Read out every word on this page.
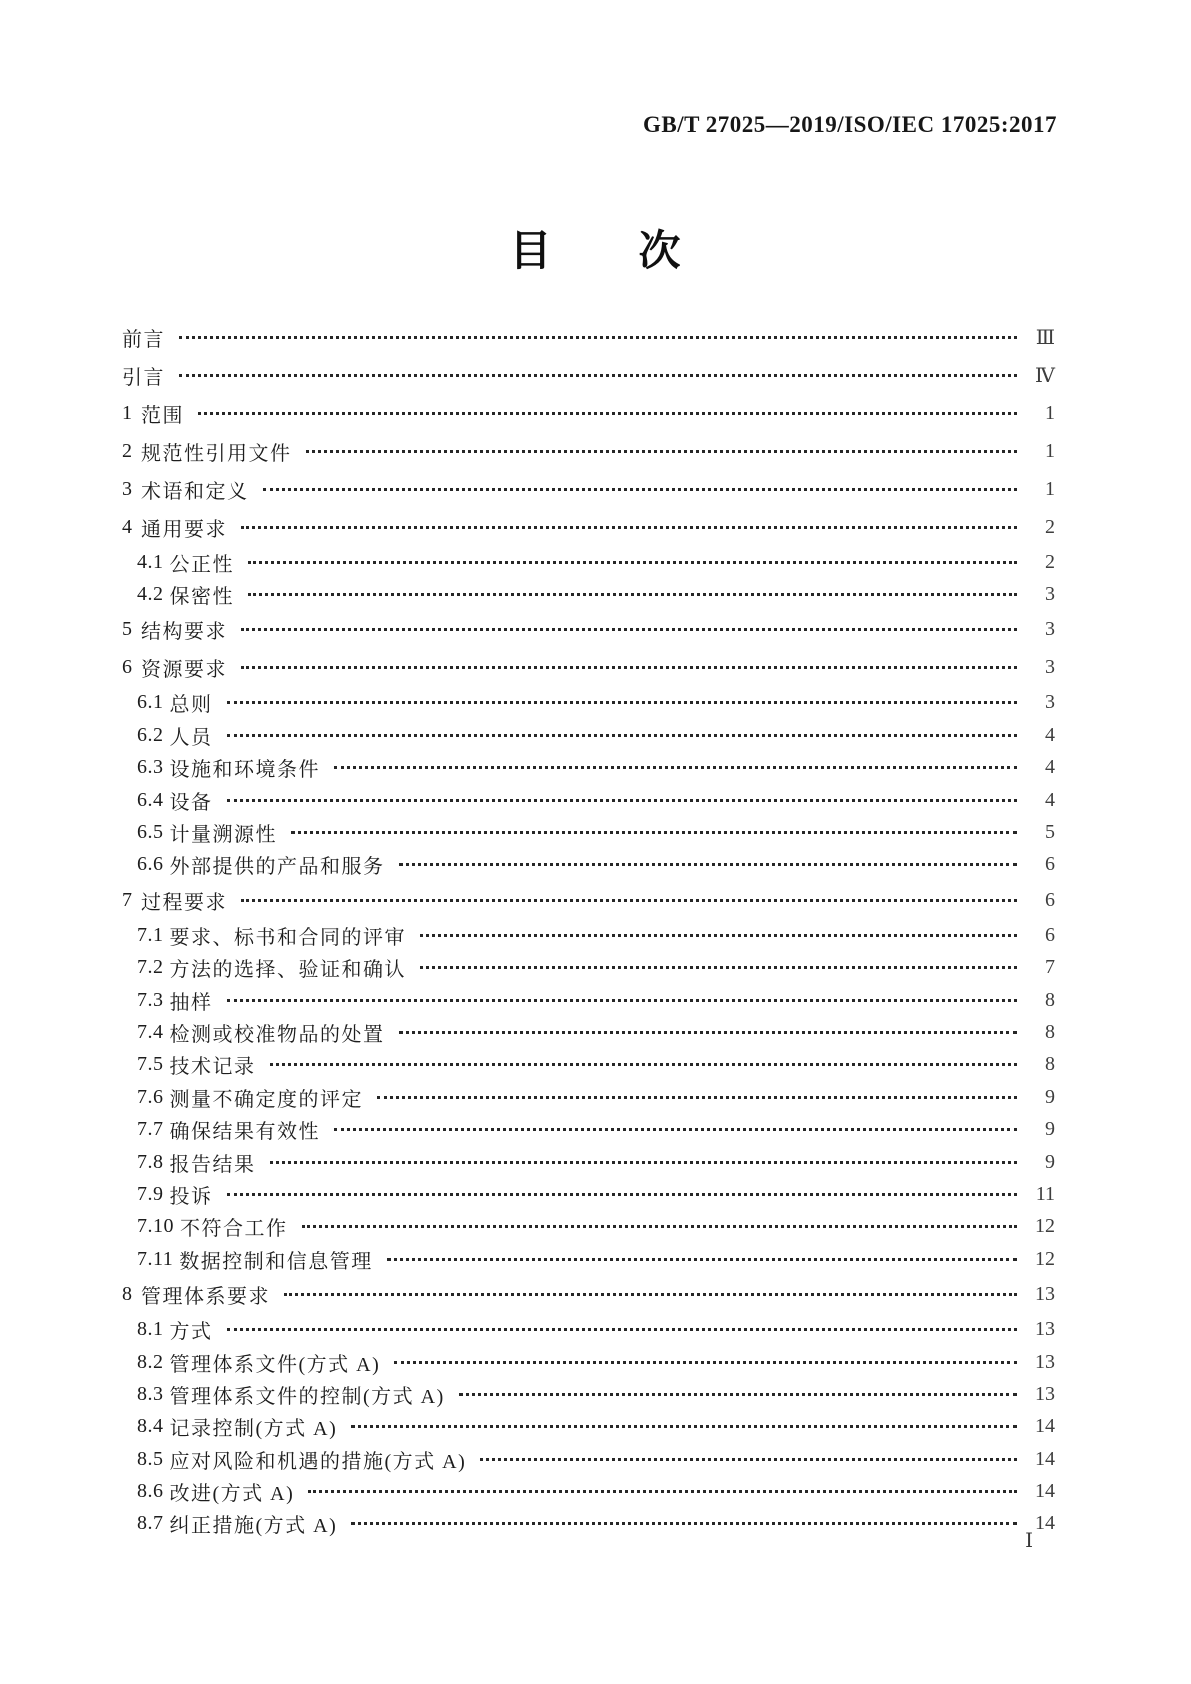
GB/T 27025—2019/ISO/IEC 17025:2017
目　　次
前言	Ⅲ
引言	Ⅳ
1 范围	1
2 规范性引用文件	1
3 术语和定义	1
4 通用要求	2
4.1 公正性	2
4.2 保密性	3
5 结构要求	3
6 资源要求	3
6.1 总则	3
6.2 人员	4
6.3 设施和环境条件	4
6.4 设备	4
6.5 计量溯源性	5
6.6 外部提供的产品和服务	6
7 过程要求	6
7.1 要求、标书和合同的评审	6
7.2 方法的选择、验证和确认	7
7.3 抽样	8
7.4 检测或校准物品的处置	8
7.5 技术记录	8
7.6 测量不确定度的评定	9
7.7 确保结果有效性	9
7.8 报告结果	9
7.9 投诉	11
7.10 不符合工作	12
7.11 数据控制和信息管理	12
8 管理体系要求	13
8.1 方式	13
8.2 管理体系文件(方式 A)	13
8.3 管理体系文件的控制(方式 A)	13
8.4 记录控制(方式 A)	14
8.5 应对风险和机遇的措施(方式 A)	14
8.6 改进(方式 A)	14
8.7 纠正措施(方式 A)	14
Ⅰ
